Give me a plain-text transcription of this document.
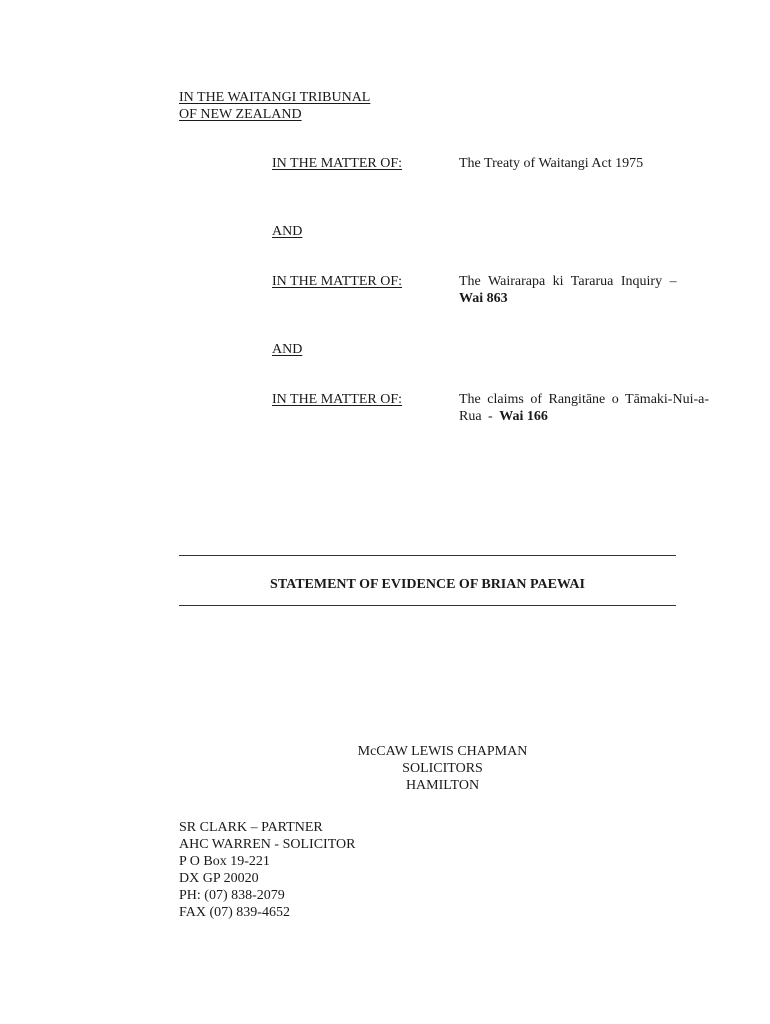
IN THE WAITANGI TRIBUNAL
OF NEW ZEALAND
IN THE MATTER OF:	The Treaty of Waitangi Act 1975
AND
IN THE MATTER OF:	The Wairarapa ki Tararua Inquiry –
Wai 863
AND
IN THE MATTER OF:	The claims of Rangitāne o Tāmaki-Nui-a-Rua - Wai 166
STATEMENT OF EVIDENCE OF BRIAN PAEWAI
McCAW LEWIS CHAPMAN
SOLICITORS
HAMILTON
SR CLARK – PARTNER
AHC WARREN - SOLICITOR
P O Box 19-221
DX GP 20020
PH: (07) 838-2079
FAX (07) 839-4652
